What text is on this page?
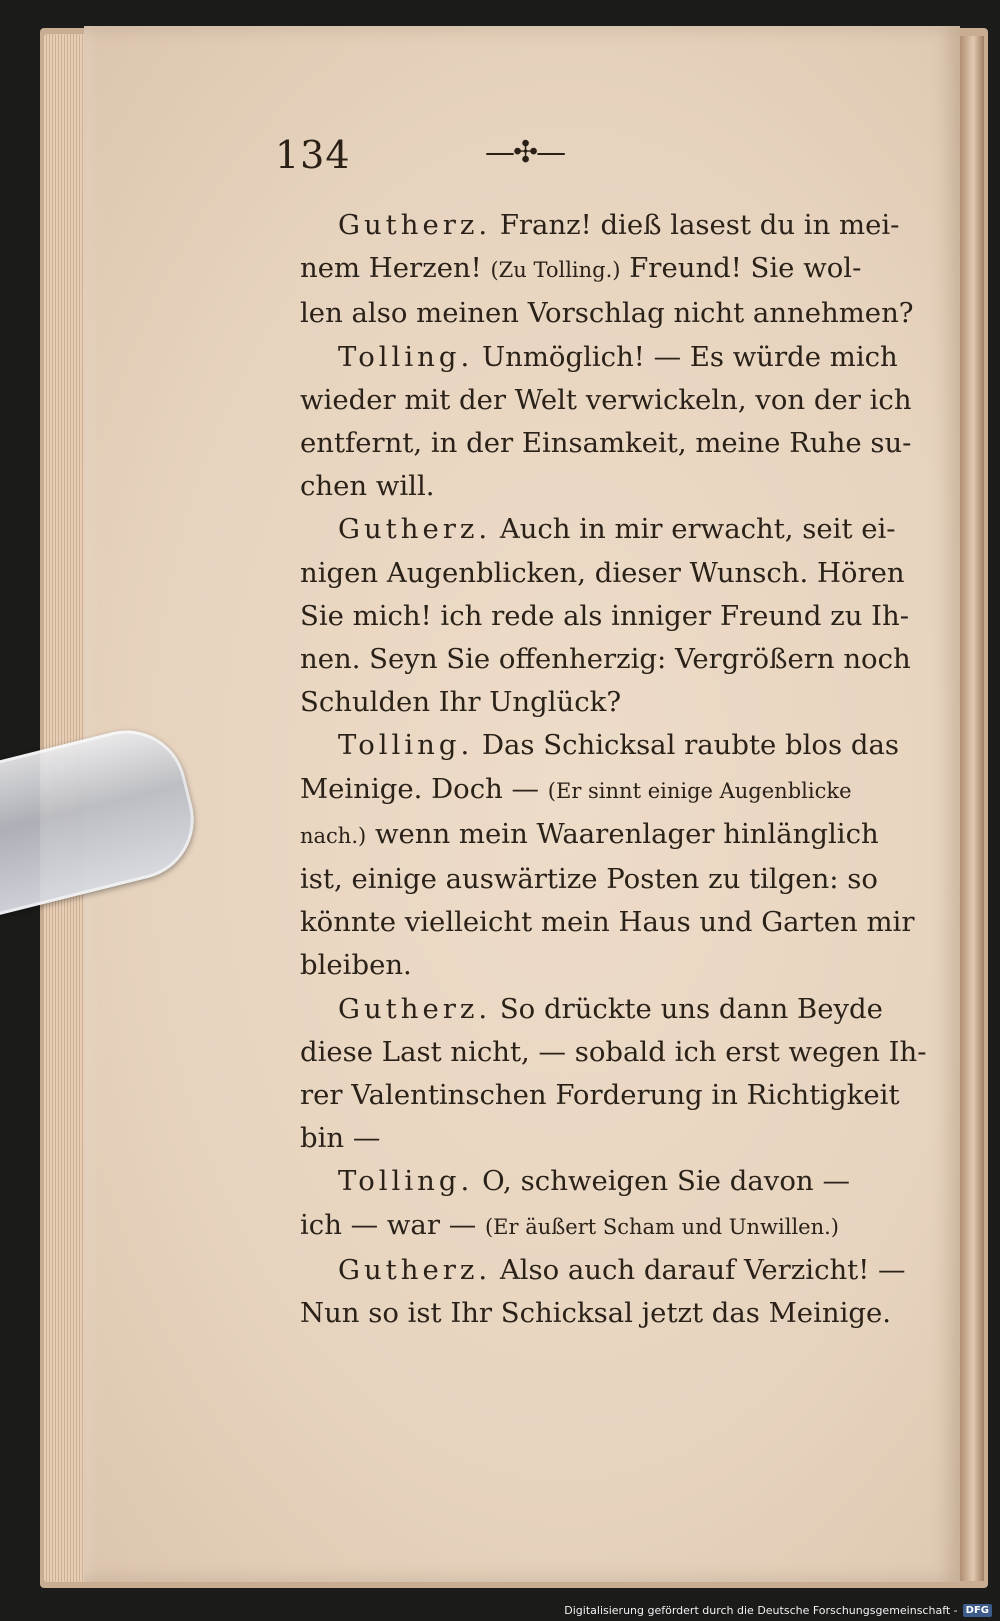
134	—✣—
Gutherz. Franz! dieß lasest du in mei-
nem Herzen! (Zu Tolling.) Freund! Sie wol-
len also meinen Vorschlag nicht annehmen?
Tolling. Unmöglich! — Es würde mich
wieder mit der Welt verwickeln, von der ich
entfernt, in der Einsamkeit, meine Ruhe su-
chen will.
Gutherz. Auch in mir erwacht, seit ei-
nigen Augenblicken, dieser Wunsch. Hören
Sie mich! ich rede als inniger Freund zu Ih-
nen. Seyn Sie offenherzig: Vergrößern noch
Schulden Ihr Unglück?
Tolling. Das Schicksal raubte blos das
Meinige. Doch — (Er sinnt einige Augenblicke
nach.) wenn mein Waarenlager hinlänglich
ist, einige auswärtize Posten zu tilgen: so
könnte vielleicht mein Haus und Garten mir
bleiben.
Gutherz. So drückte uns dann Beyde
diese Last nicht, — sobald ich erst wegen Ih-
rer Valentinschen Forderung in Richtigkeit
bin —
Tolling. O, schweigen Sie davon —
ich — war — (Er äußert Scham und Unwillen.)
Gutherz. Also auch darauf Verzicht! —
Nun so ist Ihr Schicksal jetzt das Meinige.
Digitalisierung gefördert durch die Deutsche Forschungsgemeinschaft - DFG
